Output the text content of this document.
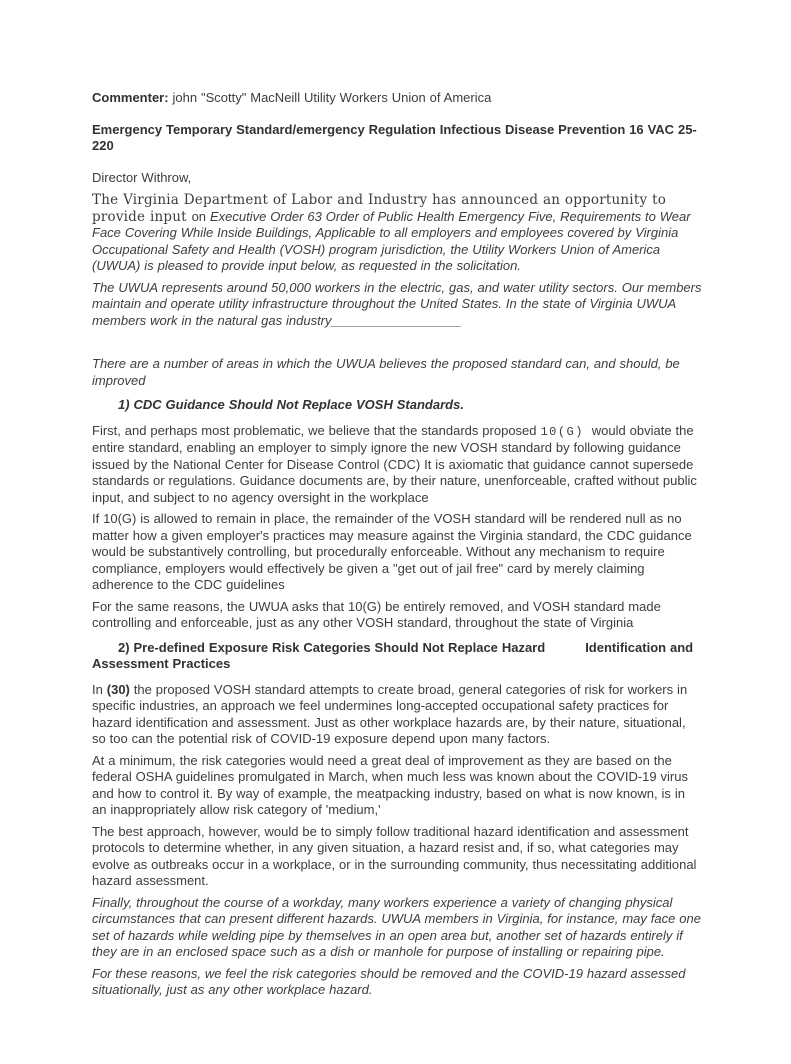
Commenter: john "Scotty" MacNeill Utility Workers Union of America

Emergency Temporary Standard/emergency Regulation Infectious Disease Prevention 16 VAC 25-220

Director Withrow,

The Virginia Department of Labor and Industry has announced an opportunity to provide input on Executive Order 63 Order of Public Health Emergency Five, Requirements to Wear Face Covering While Inside Buildings, Applicable to all employers and employees covered by Virginia Occupational Safety and Health (VOSH) program jurisdiction, the Utility Workers Union of America (UWUA) is pleased to provide input below, as requested in the solicitation.

The UWUA represents around 50,000 workers in the electric, gas, and water utility sectors. Our members maintain and operate utility infrastructure throughout the United States. In the state of Virginia UWUA members work in the natural gas industry__________________

There are a number of areas in which the UWUA believes the proposed standard can, and should, be improved

1) CDC Guidance Should Not Replace VOSH Standards.

First, and perhaps most problematic, we believe that the standards proposed 10(G)  would obviate the entire standard, enabling an employer to simply ignore the new VOSH standard by following guidance issued by the National Center for Disease Control (CDC) It is axiomatic that guidance cannot supersede standards or regulations. Guidance documents are, by their nature, unenforceable, crafted without public input, and subject to no agency oversight in the workplace

If 10(G) is allowed to remain in place, the remainder of the VOSH standard will be rendered null as no matter how a given employer's practices may measure against the Virginia standard, the CDC guidance would be substantively controlling, but procedurally enforceable. Without any mechanism to require compliance, employers would effectively be given a "get out of jail free" card by merely claiming adherence to the CDC guidelines

For the same reasons, the UWUA asks that 10(G) be entirely removed, and VOSH standard made controlling and enforceable, just as any other VOSH standard, throughout the state of Virginia

2) Pre-defined Exposure Risk Categories Should Not Replace Hazard	Identification and Assessment Practices

In (30) the proposed VOSH standard attempts to create broad, general categories of risk for workers in specific industries, an approach we feel undermines long-accepted occupational safety practices for hazard identification and assessment. Just as other workplace hazards are, by their nature, situational, so too can the potential risk of COVID-19 exposure depend upon many factors.

At a minimum, the risk categories would need a great deal of improvement as they are based on the federal OSHA guidelines promulgated in March, when much less was known about the COVID-19 virus and how to control it. By way of example, the meatpacking industry, based on what is now known, is in an inappropriately allow risk category of 'medium,'

The best approach, however, would be to simply follow traditional hazard identification and assessment protocols to determine whether, in any given situation, a hazard resist and, if so, what categories may evolve as outbreaks occur in a workplace, or in the surrounding community, thus necessitating additional hazard assessment.

Finally, throughout the course of a workday, many workers experience a variety of changing physical circumstances that can present different hazards. UWUA members in Virginia, for instance, may face one set of hazards while welding pipe by themselves in an open area but, another set of hazards entirely if they are in an enclosed space such as a dish or manhole for purpose of installing or repairing pipe.

For these reasons, we feel the risk categories should be removed and the COVID-19 hazard assessed situationally, just as any other workplace hazard.
